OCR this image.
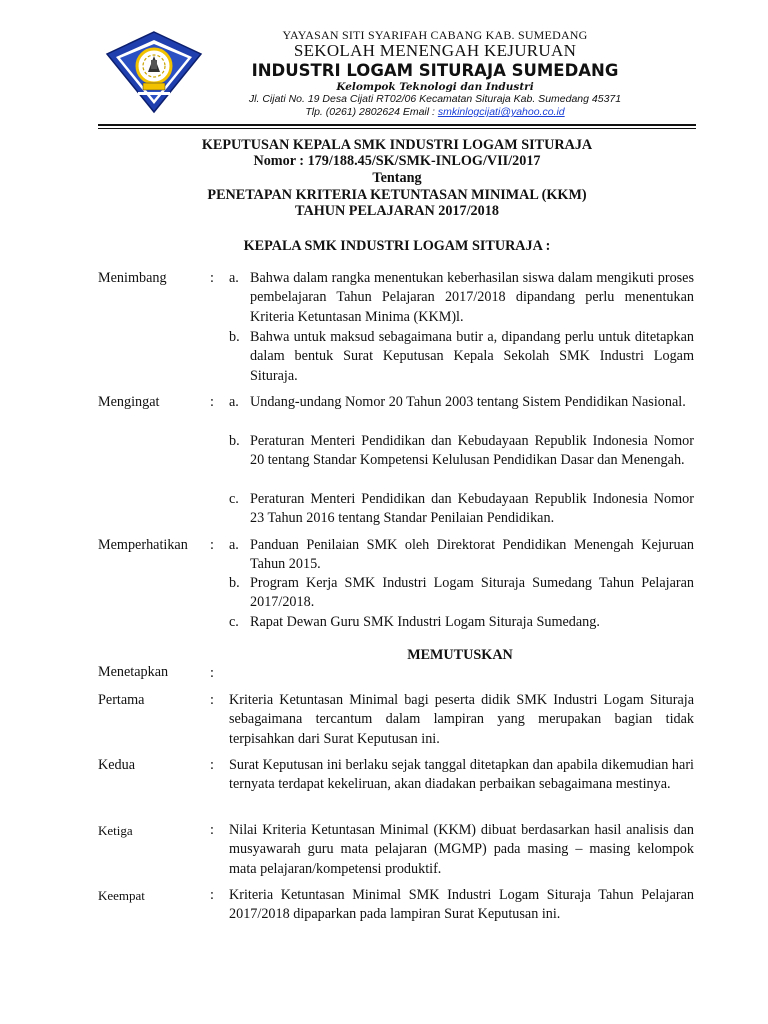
YAYASAN SITI SYARIFAH CABANG KAB. SUMEDANG
SEKOLAH MENENGAH KEJURUAN
INDUSTRI LOGAM SITURAJA SUMEDANG
Kelompok Teknologi dan Industri
Jl. Cijati No. 19 Desa Cijati RT02/06 Kecamatan Situraja Kab. Sumedang 45371
Tlp. (0261) 2802624 Email : smkinlogcijati@yahoo.co.id
KEPUTUSAN KEPALA SMK INDUSTRI LOGAM SITURAJA
Nomor : 179/188.45/SK/SMK-INLOG/VII/2017
Tentang
PENETAPAN KRITERIA KETUNTASAN MINIMAL (KKM)
TAHUN PELAJARAN 2017/2018
KEPALA SMK INDUSTRI LOGAM SITURAJA :
Menimbang	: a. Bahwa dalam rangka menentukan keberhasilan siswa dalam mengikuti proses pembelajaran Tahun Pelajaran 2017/2018 dipandang perlu menentukan Kriteria Ketuntasan Minima (KKM)l.
b. Bahwa untuk maksud sebagaimana butir a, dipandang perlu untuk ditetapkan dalam bentuk Surat Keputusan Kepala Sekolah SMK Industri Logam Situraja.
Mengingat	: a. Undang-undang Nomor 20 Tahun 2003 tentang Sistem Pendidikan Nasional.
b. Peraturan Menteri Pendidikan dan Kebudayaan Republik Indonesia Nomor 20 tentang Standar Kompetensi Kelulusan Pendidikan Dasar dan Menengah.
c. Peraturan Menteri Pendidikan dan Kebudayaan Republik Indonesia Nomor 23 Tahun 2016 tentang Standar Penilaian Pendidikan.
Memperhatikan : a. Panduan Penilaian SMK oleh Direktorat Pendidikan Menengah Kejuruan Tahun 2015.
b. Program Kerja SMK Industri Logam Situraja Sumedang Tahun Pelajaran 2017/2018.
c. Rapat Dewan Guru SMK Industri Logam Situraja Sumedang.
MEMUTUSKAN
Menetapkan	:
Pertama	: Kriteria Ketuntasan Minimal bagi peserta didik SMK Industri Logam Situraja sebagaimana tercantum dalam lampiran yang merupakan bagian tidak terpisahkan dari Surat Keputusan ini.
Kedua	: Surat Keputusan ini berlaku sejak tanggal ditetapkan dan apabila dikemudian hari ternyata terdapat kekeliruan, akan diadakan perbaikan sebagaimana mestinya.
Ketiga	: Nilai Kriteria Ketuntasan Minimal (KKM) dibuat berdasarkan hasil analisis dan musyawarah guru mata pelajaran (MGMP) pada masing – masing kelompok mata pelajaran/kompetensi produktif.
Keempat	: Kriteria Ketuntasan Minimal SMK Industri Logam Situraja Tahun Pelajaran 2017/2018 dipaparkan pada lampiran Surat Keputusan ini.
